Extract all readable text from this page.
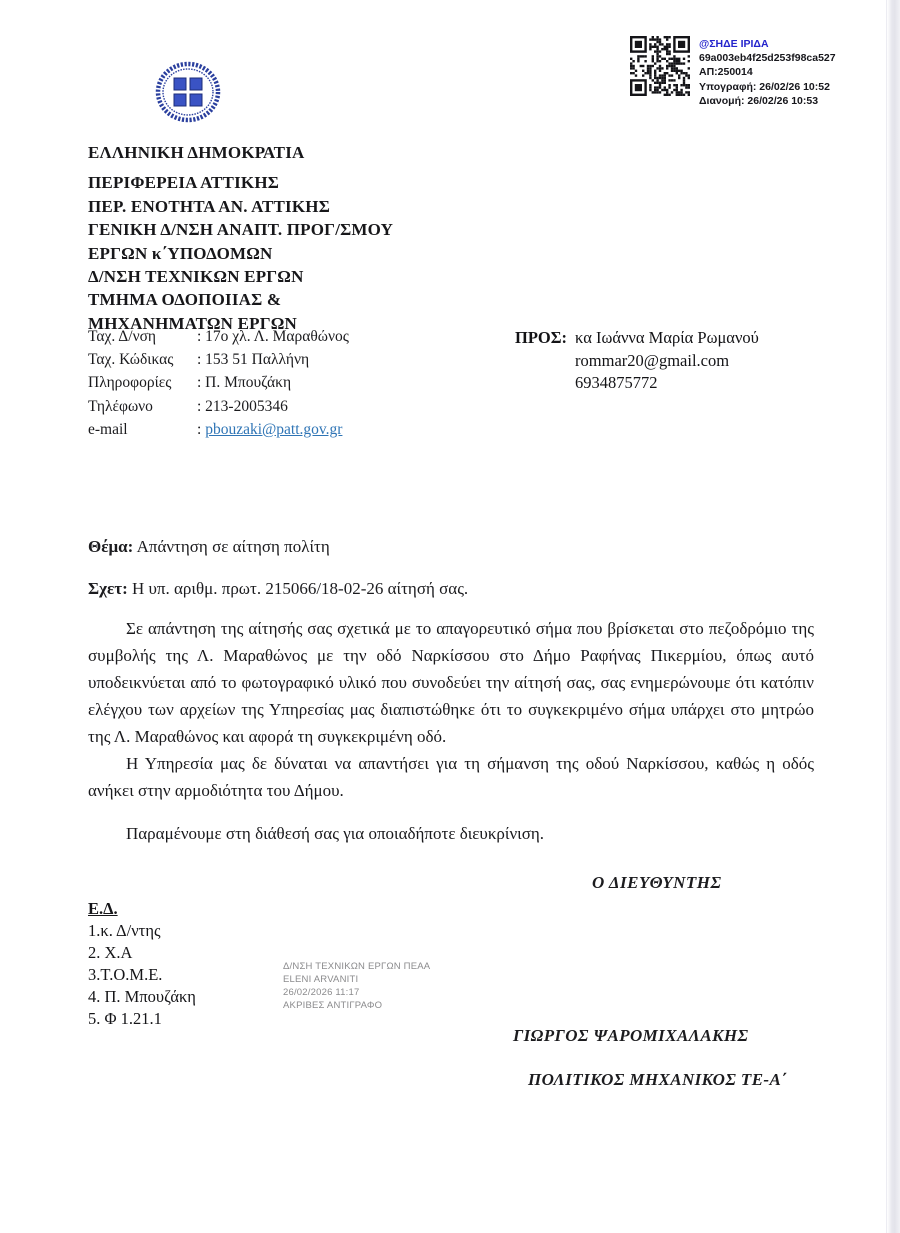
@ΣΗΔΕ ΙΡΙΔΑ
69a003eb4f25d253f98ca527
ΑΠ:250014
Υπογραφή: 26/02/26 10:52
Διανομή: 26/02/26 10:53
ΕΛΛΗΝΙΚΗ ΔΗΜΟΚΡΑΤΙΑ
ΠΕΡΙΦΕΡΕΙΑ ΑΤΤΙΚΗΣ
ΠΕΡ. ΕΝΟΤΗΤΑ ΑΝ. ΑΤΤΙΚΗΣ
ΓΕΝΙΚΗ Δ/ΝΣΗ ΑΝΑΠΤ. ΠΡΟΓ/ΣΜΟΥ
ΕΡΓΩΝ κ΄ΥΠΟΔΟΜΩΝ
Δ/ΝΣΗ ΤΕΧΝΙΚΩΝ ΕΡΓΩΝ
ΤΜΗΜΑ ΟΔΟΠΟΙΙΑΣ &
ΜΗΧΑΝΗΜΑΤΩΝ ΕΡΓΩΝ
Ταχ. Δ/νση	: 17ο χλ. Λ. Μαραθώνος
Ταχ. Κώδικας	: 153 51 Παλλήνη
Πληροφορίες	: Π. Μπουζάκη
Τηλέφωνο	: 213-2005346
e-mail	: pbouzaki@patt.gov.gr
ΠΡΟΣ: κα Ιωάννα Μαρία Ρωμανού
rommar20@gmail.com
6934875772
Θέμα: Απάντηση σε αίτηση πολίτη
Σχετ: Η υπ. αριθμ. πρωτ. 215066/18-02-26 αίτησή σας.

Σε απάντηση της αίτησής σας σχετικά με το απαγορευτικό σήμα που βρίσκεται στο πεζοδρόμιο της συμβολής της Λ. Μαραθώνος με την οδό Ναρκίσσου στο Δήμο Ραφήνας Πικερμίου, όπως αυτό υποδεικνύεται από το φωτογραφικό υλικό που συνοδεύει την αίτησή σας, σας ενημερώνουμε ότι κατόπιν ελέγχου των αρχείων της Υπηρεσίας μας διαπιστώθηκε ότι το συγκεκριμένο σήμα υπάρχει στο μητρώο της Λ. Μαραθώνος και αφορά τη συγκεκριμένη οδό.

Η Υπηρεσία μας δε δύναται να απαντήσει για τη σήμανση της οδού Ναρκίσσου, καθώς η οδός ανήκει στην αρμοδιότητα του Δήμου.

Παραμένουμε στη διάθεσή σας για οποιαδήποτε διευκρίνιση.

Ο ΔΙΕΥΘΥΝΤΗΣ
Ε.Δ.
1.κ. Δ/ντης
2. Χ.Α
3.Τ.Ο.Μ.Ε.
4. Π. Μπουζάκη
5. Φ 1.21.1
Δ/ΝΣΗ ΤΕΧΝΙΚΩΝ ΕΡΓΩΝ ΠΕΑΑ
ELENI ARVANITI
26/02/2026 11:17
ΑΚΡΙΒΕΣ ΑΝΤΙΓΡΑΦΟ
ΓΙΩΡΓΟΣ ΨΑΡΟΜΙΧΑΛΑΚΗΣ
ΠΟΛΙΤΙΚΟΣ ΜΗΧΑΝΙΚΟΣ ΤΕ-Α΄
